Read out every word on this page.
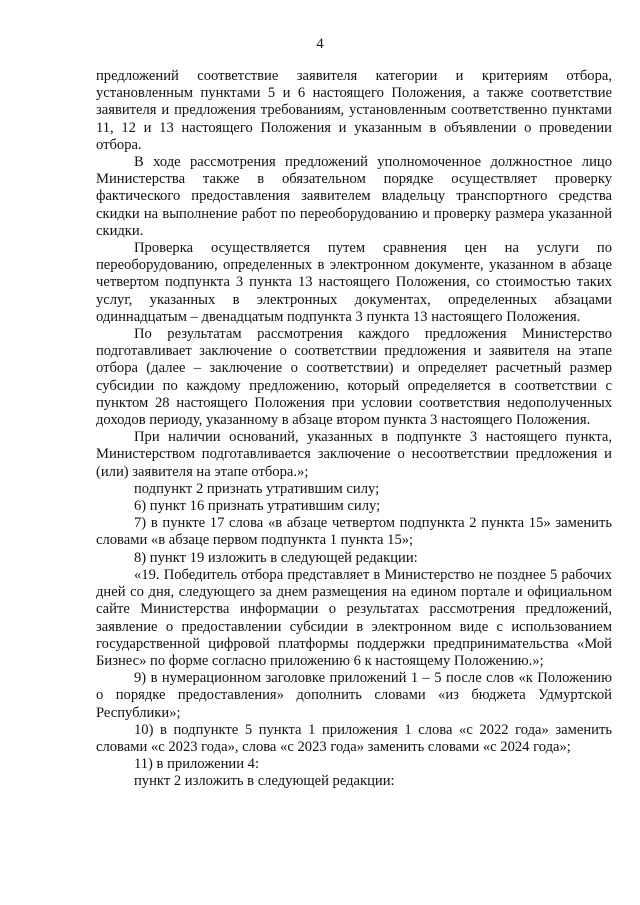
4

предложений соответствие заявителя категории и критериям отбора, установленным пунктами 5 и 6 настоящего Положения, а также соответствие заявителя и предложения требованиям, установленным соответственно пунктами 11, 12 и 13 настоящего Положения и указанным в объявлении о проведении отбора.

В ходе рассмотрения предложений уполномоченное должностное лицо Министерства также в обязательном порядке осуществляет проверку фактического предоставления заявителем владельцу транспортного средства скидки на выполнение работ по переоборудованию и проверку размера указанной скидки.

Проверка осуществляется путем сравнения цен на услуги по переоборудованию, определенных в электронном документе, указанном в абзаце четвертом подпункта 3 пункта 13 настоящего Положения, со стоимостью таких услуг, указанных в электронных документах, определенных абзацами одиннадцатым – двенадцатым подпункта 3 пункта 13 настоящего Положения.

По результатам рассмотрения каждого предложения Министерство подготавливает заключение о соответствии предложения и заявителя на этапе отбора (далее – заключение о соответствии) и определяет расчетный размер субсидии по каждому предложению, который определяется в соответствии с пунктом 28 настоящего Положения при условии соответствия недополученных доходов периоду, указанному в абзаце втором пункта 3 настоящего Положения.

При наличии оснований, указанных в подпункте 3 настоящего пункта, Министерством подготавливается заключение о несоответствии предложения и (или) заявителя на этапе отбора.»;

подпункт 2 признать утратившим силу;

6) пункт 16 признать утратившим силу;

7) в пункте 17 слова «в абзаце четвертом подпункта 2 пункта 15» заменить словами «в абзаце первом подпункта 1 пункта 15»;

8) пункт 19 изложить в следующей редакции:

«19. Победитель отбора представляет в Министерство не позднее 5 рабочих дней со дня, следующего за днем размещения на едином портале и официальном сайте Министерства информации о результатах рассмотрения предложений, заявление о предоставлении субсидии в электронном виде с использованием государственной цифровой платформы поддержки предпринимательства «Мой Бизнес» по форме согласно приложению 6 к настоящему Положению.»;

9) в нумерационном заголовке приложений 1 – 5 после слов «к Положению о порядке предоставления» дополнить словами «из бюджета Удмуртской Республики»;

10) в подпункте 5 пункта 1 приложения 1 слова «с 2022 года» заменить словами «с 2023 года», слова «с 2023 года» заменить словами «с 2024 года»;

11) в приложении 4:

пункт 2 изложить в следующей редакции:
